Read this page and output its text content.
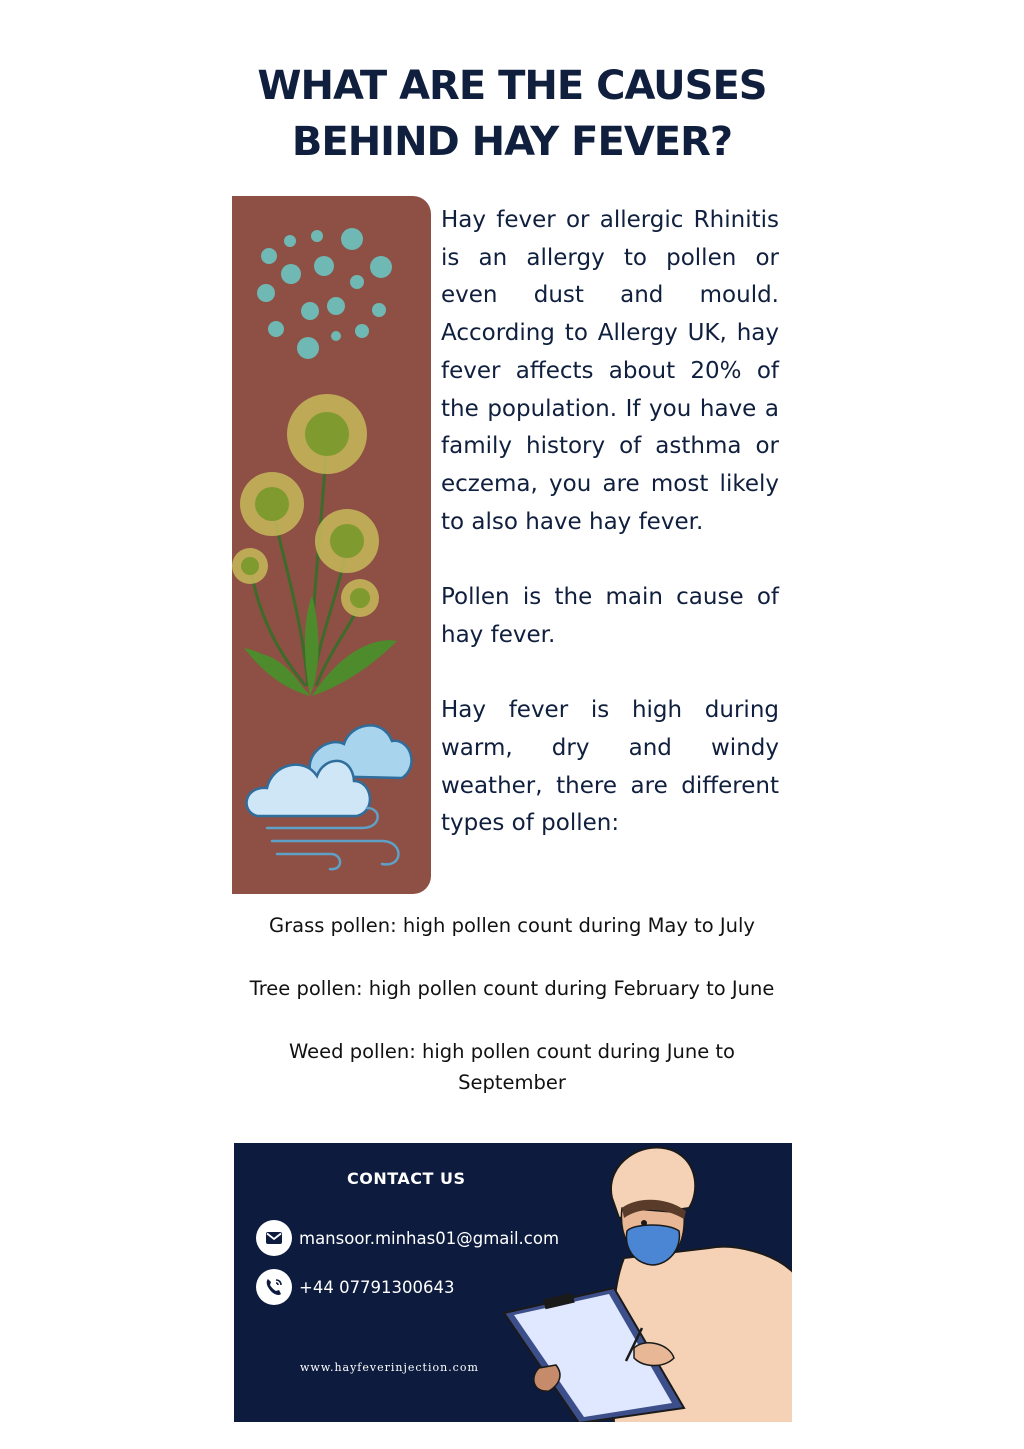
WHAT ARE THE CAUSES
BEHIND HAY FEVER?

Hay fever or allergic Rhinitis is an allergy to pollen or even dust and mould. According to Allergy UK, hay fever affects about 20% of the population. If you have a family history of asthma or eczema, you are most likely to also have hay fever.

Pollen is the main cause of hay fever.

Hay fever is high during warm, dry and windy weather, there are different types of pollen:

Grass pollen: high pollen count during May to July

Tree pollen: high pollen count during February to June

Weed pollen: high pollen count during June to September

CONTACT US
mansoor.minhas01@gmail.com
+44 07791300643
www.hayfeverinjection.com
